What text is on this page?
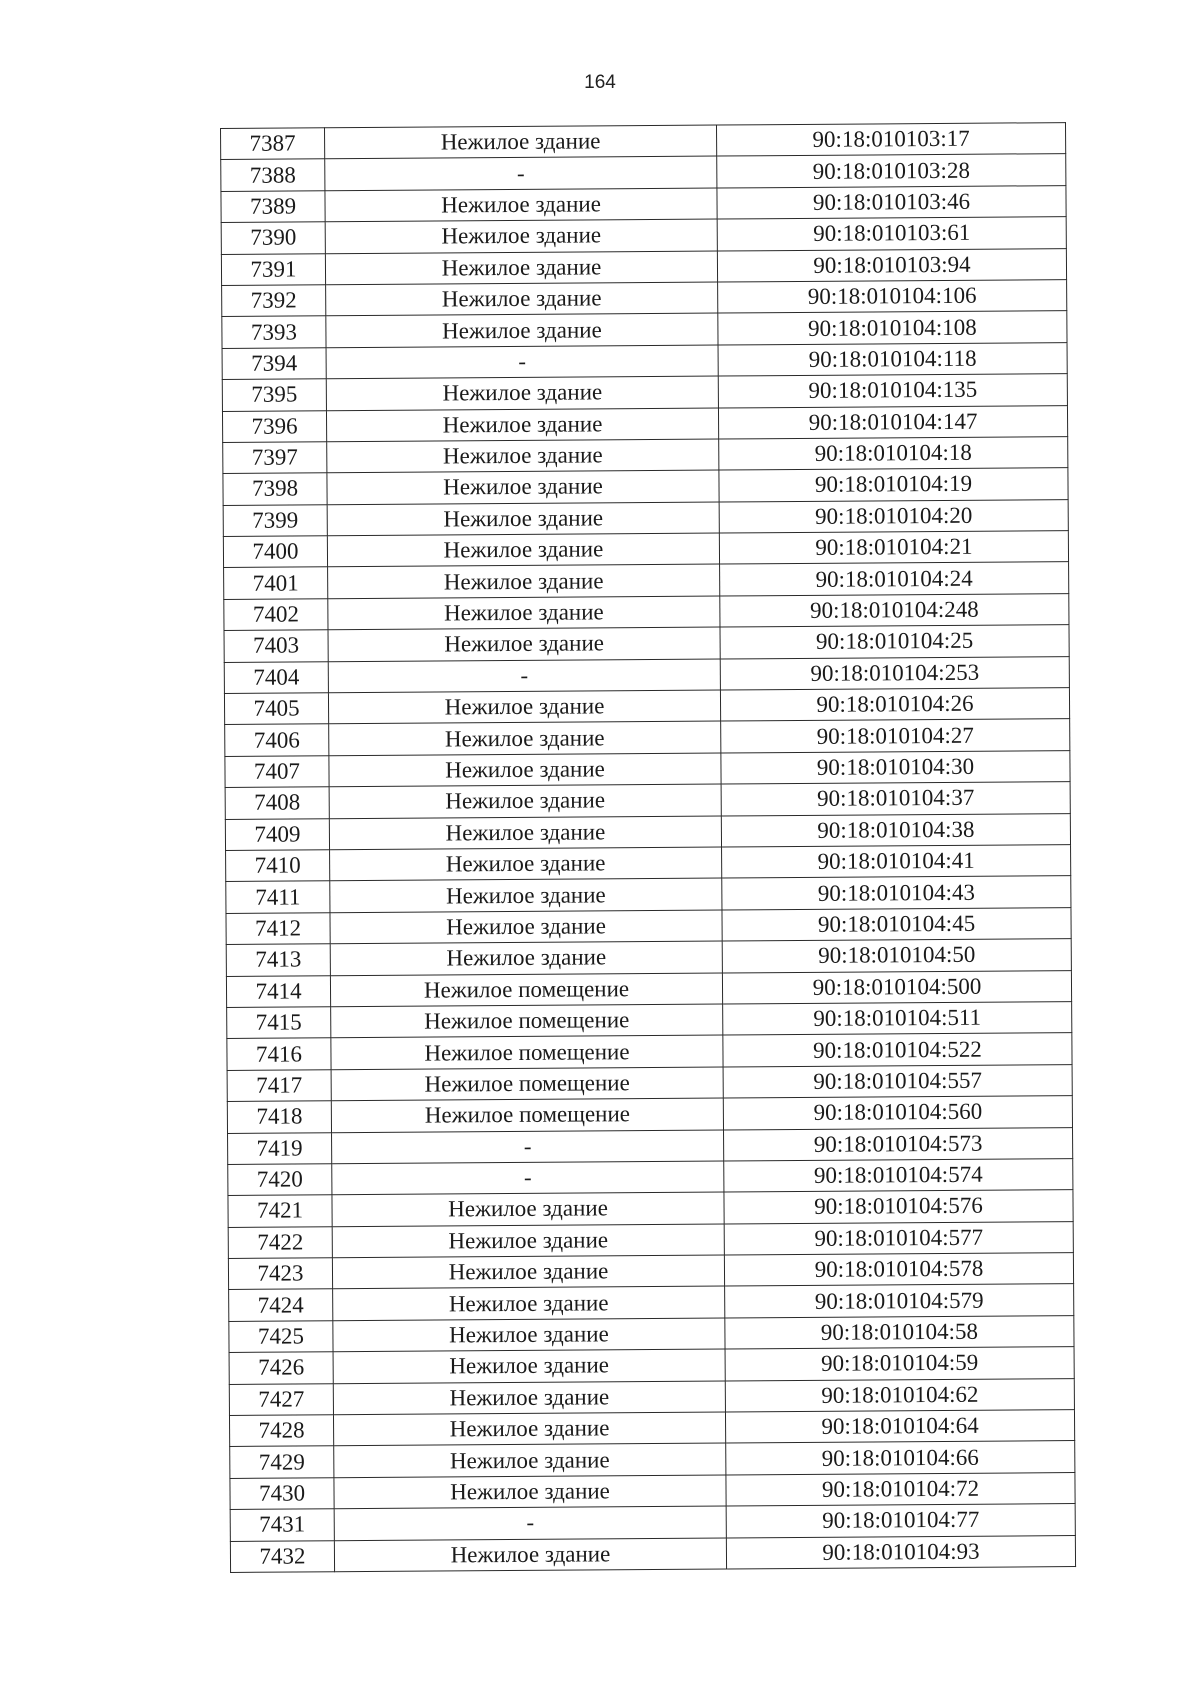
164
7387	Нежилое здание	90:18:010103:17
7388	-	90:18:010103:28
7389	Нежилое здание	90:18:010103:46
7390	Нежилое здание	90:18:010103:61
7391	Нежилое здание	90:18:010103:94
7392	Нежилое здание	90:18:010104:106
7393	Нежилое здание	90:18:010104:108
7394	-	90:18:010104:118
7395	Нежилое здание	90:18:010104:135
7396	Нежилое здание	90:18:010104:147
7397	Нежилое здание	90:18:010104:18
7398	Нежилое здание	90:18:010104:19
7399	Нежилое здание	90:18:010104:20
7400	Нежилое здание	90:18:010104:21
7401	Нежилое здание	90:18:010104:24
7402	Нежилое здание	90:18:010104:248
7403	Нежилое здание	90:18:010104:25
7404	-	90:18:010104:253
7405	Нежилое здание	90:18:010104:26
7406	Нежилое здание	90:18:010104:27
7407	Нежилое здание	90:18:010104:30
7408	Нежилое здание	90:18:010104:37
7409	Нежилое здание	90:18:010104:38
7410	Нежилое здание	90:18:010104:41
7411	Нежилое здание	90:18:010104:43
7412	Нежилое здание	90:18:010104:45
7413	Нежилое здание	90:18:010104:50
7414	Нежилое помещение	90:18:010104:500
7415	Нежилое помещение	90:18:010104:511
7416	Нежилое помещение	90:18:010104:522
7417	Нежилое помещение	90:18:010104:557
7418	Нежилое помещение	90:18:010104:560
7419	-	90:18:010104:573
7420	-	90:18:010104:574
7421	Нежилое здание	90:18:010104:576
7422	Нежилое здание	90:18:010104:577
7423	Нежилое здание	90:18:010104:578
7424	Нежилое здание	90:18:010104:579
7425	Нежилое здание	90:18:010104:58
7426	Нежилое здание	90:18:010104:59
7427	Нежилое здание	90:18:010104:62
7428	Нежилое здание	90:18:010104:64
7429	Нежилое здание	90:18:010104:66
7430	Нежилое здание	90:18:010104:72
7431	-	90:18:010104:77
7432	Нежилое здание	90:18:010104:93
